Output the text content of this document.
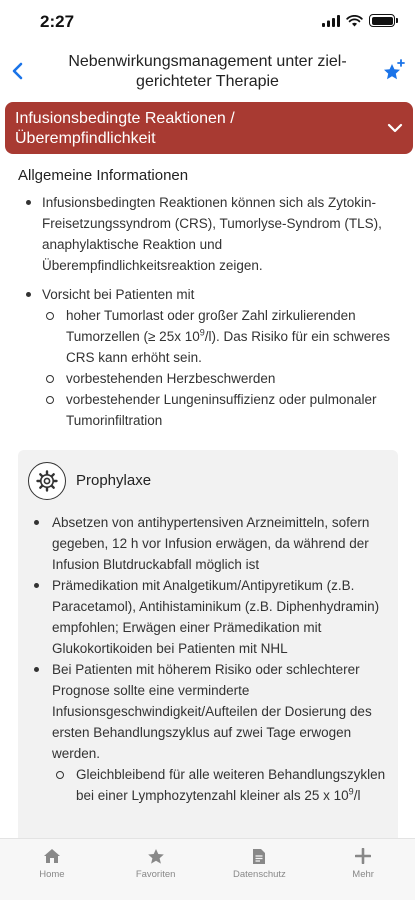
2:27
Nebenwirkungsmanagement unter ziel-
gerichteter Therapie
Infusionsbedingte Reaktionen /
Überempfindlichkeit
Allgemeine Informationen
Infusionsbedingten Reaktionen können sich als Zytokin-Freisetzungssyndrom (CRS), Tumorlyse-Syndrom (TLS), anaphylaktische Reaktion und Überempfindlichkeitsreaktion zeigen.
Vorsicht bei Patienten mit
hoher Tumorlast oder großer Zahl zirkulierenden Tumorzellen (≥ 25x $10^9/l$). Das Risiko für ein schweres CRS kann erhöht sein.
vorbestehenden Herzbeschwerden
vorbestehender Lungeninsuffizienz oder pulmonaler Tumorinfiltration
Prophylaxe
Absetzen von antihypertensiven Arzneimitteln, sofern gegeben, 12 h vor Infusion erwägen, da während der Infusion Blutdruckabfall möglich ist
Prämedikation mit Analgetikum/Antipyretikum (z.B. Paracetamol), Antihistaminikum (z.B. Diphenhydramin) empfohlen; Erwägen einer Prämedikation mit Glukokortikoiden bei Patienten mit NHL
Bei Patienten mit höherem Risiko oder schlechterer Prognose sollte eine verminderte Infusionsgeschwindigkeit/Aufteilen der Dosierung des ersten Behandlungszyklus auf zwei Tage erwogen werden.
Gleichbleibend für alle weiteren Behandlungszyklen bei einer Lymphozytenzahl kleiner als 25 x $10^9/l$
Home	Favoriten	Datenschutz	Mehr
